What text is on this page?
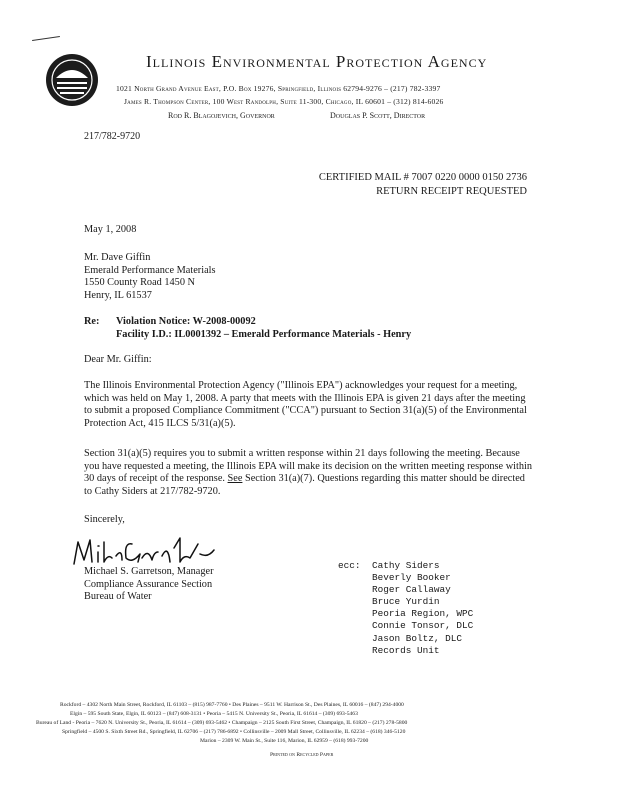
Illinois Environmental Protection Agency
1021 North Grand Avenue East, P.O. Box 19276, Springfield, Illinois 62794-9276 – (217) 782-3397
James R. Thompson Center, 100 West Randolph, Suite 11-300, Chicago, IL 60601 – (312) 814-6026
Rod R. Blagojevich, Governor	Douglas P. Scott, Director
217/782-9720
CERTIFIED MAIL # 7007 0220 0000 0150 2736
RETURN RECEIPT REQUESTED
May 1, 2008
Mr. Dave Giffin
Emerald Performance Materials
1550 County Road 1450 N
Henry, IL 61537
Re: Violation Notice: W-2008-00092
Facility I.D.: IL0001392 – Emerald Performance Materials - Henry
Dear Mr. Giffin:

The Illinois Environmental Protection Agency ("Illinois EPA") acknowledges your request for a meeting, which was held on May 1, 2008. A party that meets with the Illinois EPA is given 21 days after the meeting to submit a proposed Compliance Commitment ("CCA") pursuant to Section 31(a)(5) of the Environmental Protection Act, 415 ILCS 5/31(a)(5).

Section 31(a)(5) requires you to submit a written response within 21 days following the meeting. Because you have requested a meeting, the Illinois EPA will make its decision on the written meeting response within 30 days of receipt of the response. See Section 31(a)(7). Questions regarding this matter should be directed to Cathy Siders at 217/782-9720.

Sincerely,
Michael S. Garretson, Manager
Compliance Assurance Section
Bureau of Water
ecc: Cathy Siders
Beverly Booker
Roger Callaway
Bruce Yurdin
Peoria Region, WPC
Connie Tonsor, DLC
Jason Boltz, DLC
Records Unit
Rockford – 4302 North Main Street, Rockford, IL 61103 – (815) 987-7760 • Des Plaines – 9511 W. Harrison St., Des Plaines, IL 60016 – (847) 294-4000
Elgin – 595 South State, Elgin, IL 60123 – (847) 608-3131 • Peoria – 5415 N. University St., Peoria, IL 61614 – (309) 693-5463
Bureau of Land - Peoria – 7620 N. University St., Peoria, IL 61614 – (309) 693-5462 • Champaign – 2125 South First Street, Champaign, IL 61820 – (217) 278-5800
Springfield – 4500 S. Sixth Street Rd., Springfield, IL 62706 – (217) 786-6892 • Collinsville – 2009 Mall Street, Collinsville, IL 62234 – (618) 346-5120
Marion – 2309 W. Main St., Suite 116, Marion, IL 62959 – (618) 993-7200
Printed on Recycled Paper
